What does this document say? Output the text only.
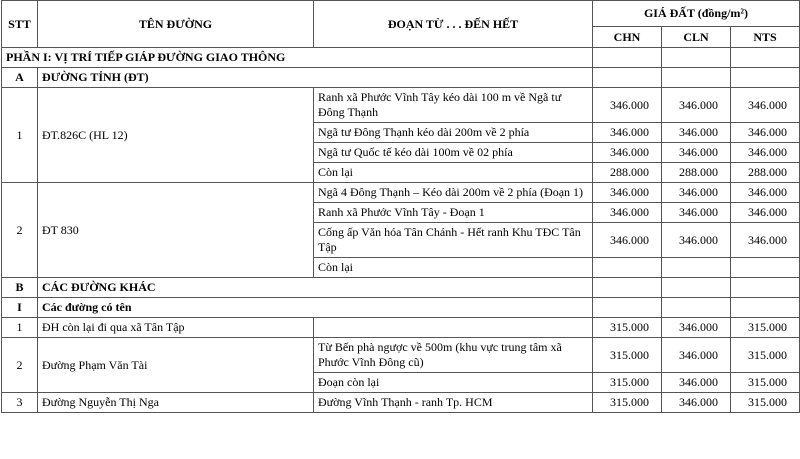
STT	TÊN ĐƯỜNG	ĐOẠN TỪ . . . ĐẾN HẾT	GIÁ ĐẤT (đồng/m²)		
			CHN	CLN	NTS
PHẦN I: VỊ TRÍ TIẾP GIÁP ĐƯỜNG GIAO THÔNG					
A	ĐƯỜNG TỈNH (ĐT)				
1	ĐT.826C (HL 12)	Ranh xã Phước Vĩnh Tây kéo dài 100 m về Ngã tư Đông Thạnh	346.000	346.000	346.000
		Ngã tư Đông Thạnh kéo dài 200m về 2 phía	346.000	346.000	346.000
		Ngã tư Quốc tế kéo dài 100m về 02 phía	346.000	346.000	346.000
		Còn lại	288.000	288.000	288.000
2	ĐT 830	Ngã 4 Đông Thạnh – Kéo dài 200m về 2 phía (Đoạn 1)	346.000	346.000	346.000
		Ranh xã Phước Vĩnh Tây - Đoạn 1	346.000	346.000	346.000
		Cống ấp Văn hóa Tân Chánh - Hết ranh Khu TĐC Tân Tập	346.000	346.000	346.000
		Còn lại			
B	CÁC ĐƯỜNG KHÁC				
I	Các đường có tên				
1	ĐH còn lại đi qua xã Tân Tập		315.000	346.000	315.000
2	Đường Phạm Văn Tài	Từ Bến phà ngược về 500m (khu vực trung tâm xã Phước Vĩnh Đông cũ)	315.000	346.000	315.000
		Đoạn còn lại	315.000	346.000	315.000
3	Đường Nguyễn Thị Nga	Đường Vĩnh Thạnh - ranh Tp. HCM	315.000	346.000	315.000
